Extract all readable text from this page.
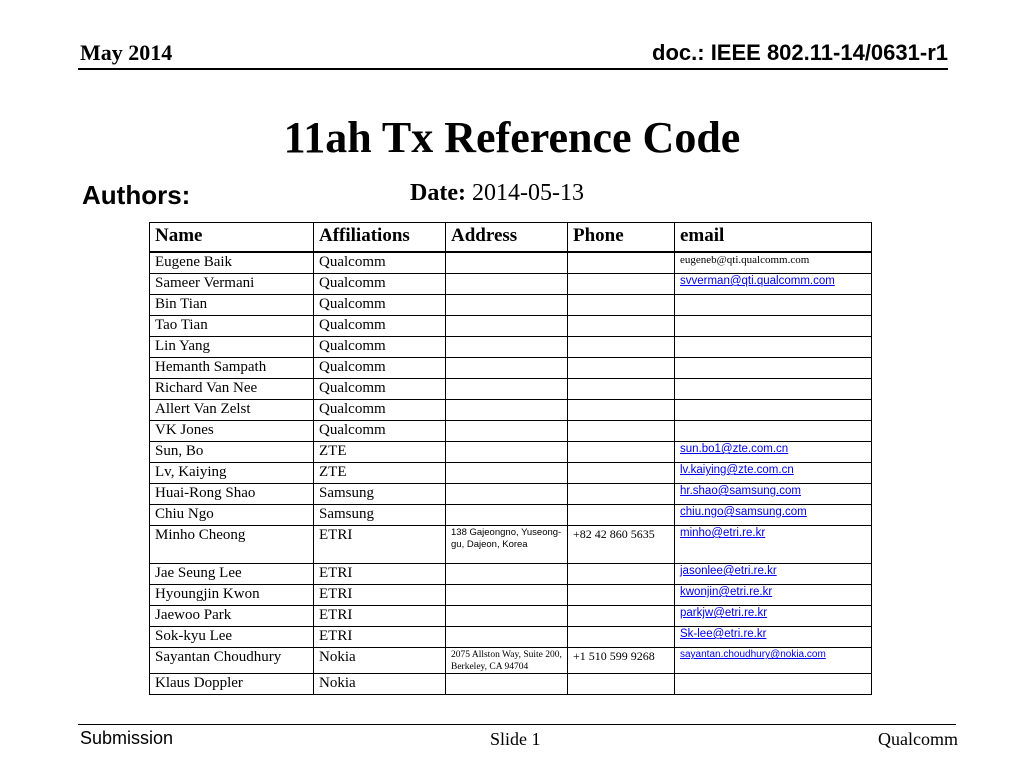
May 2014	doc.: IEEE 802.11-14/0631-r1
11ah Tx Reference Code
Authors:	Date: 2014-05-13
Name	Affiliations	Address	Phone	email
Eugene Baik	Qualcomm			eugeneb@qti.qualcomm.com
Sameer Vermani	Qualcomm			svverman@qti.qualcomm.com
Bin Tian	Qualcomm			
Tao Tian	Qualcomm			
Lin Yang	Qualcomm			
Hemanth Sampath	Qualcomm			
Richard Van Nee	Qualcomm			
Allert Van Zelst	Qualcomm			
VK Jones	Qualcomm			
Sun, Bo	ZTE			sun.bo1@zte.com.cn
Lv, Kaiying	ZTE			lv.kaiying@zte.com.cn
Huai-Rong Shao	Samsung			hr.shao@samsung.com
Chiu Ngo	Samsung			chiu.ngo@samsung.com
Minho Cheong	ETRI	138 Gajeongno, Yuseong-gu, Dajeon, Korea	+82 42 860 5635	minho@etri.re.kr
Jae Seung Lee	ETRI			jasonlee@etri.re.kr
Hyoungjin Kwon	ETRI			kwonjin@etri.re.kr
Jaewoo Park	ETRI			parkjw@etri.re.kr
Sok-kyu Lee	ETRI			Sk-lee@etri.re.kr
Sayantan Choudhury	Nokia	2075 Allston Way, Suite 200, Berkeley, CA 94704	+1 510 599 9268	sayantan.choudhury@nokia.com
Klaus Doppler	Nokia			
Submission	Slide 1	Qualcomm
